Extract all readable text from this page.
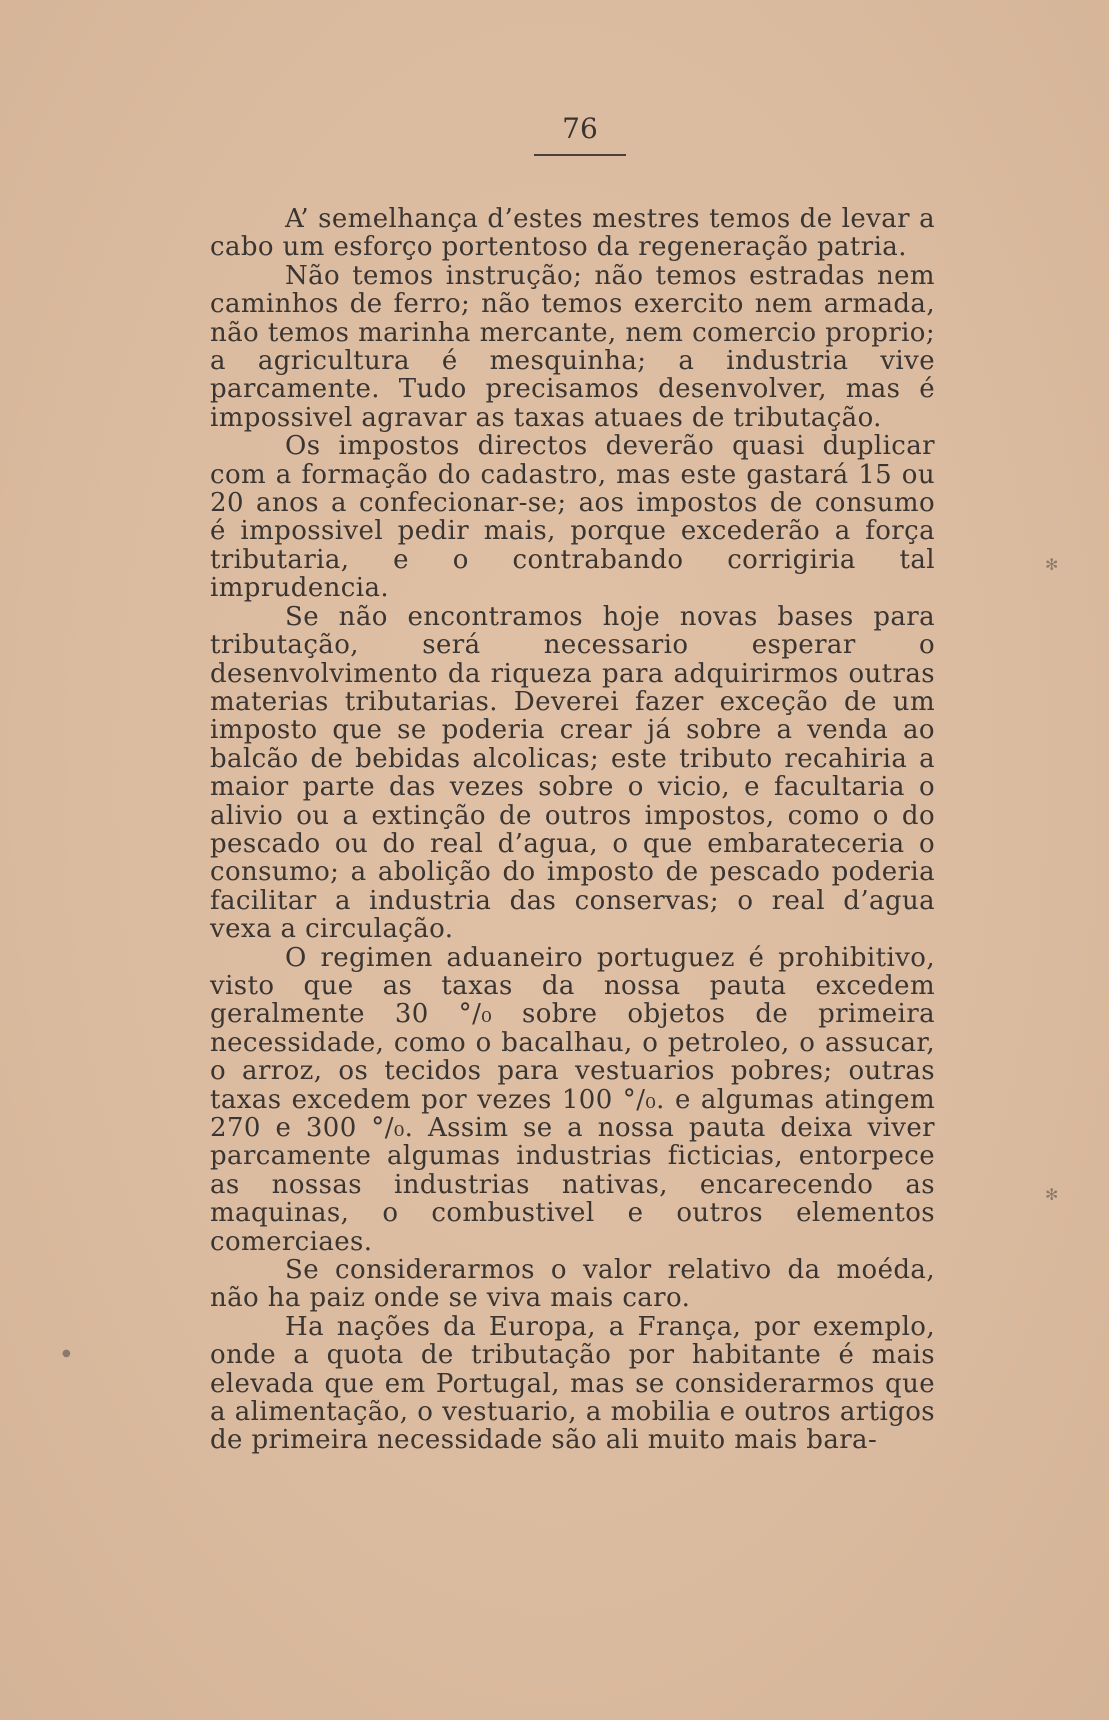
76

A’ semelhança d’estes mestres temos de levar a cabo um esforço portentoso da regeneração patria.

Não temos instrução; não temos estradas nem caminhos de ferro; não temos exercito nem armada, não temos marinha mercante, nem comercio proprio; a agricultura é mesquinha; a industria vive parcamente. Tudo precisamos desenvolver, mas é impossivel agravar as taxas atuaes de tributação.

Os impostos directos deverão quasi duplicar com a formação do cadastro, mas este gastará 15 ou 20 anos a confecionar-se; aos impostos de consumo é impossivel pedir mais, porque excederão a força tributaria, e o contrabando corrigiria tal imprudencia.

Se não encontramos hoje novas bases para tributação, será necessario esperar o desenvolvimento da riqueza para adquirirmos outras materias tributarias. Deverei fazer exceção de um imposto que se poderia crear já sobre a venda ao balcão de bebidas alcolicas; este tributo recahiria a maior parte das vezes sobre o vicio, e facultaria o alivio ou a extinção de outros impostos, como o do pescado ou do real d’agua, o que embarateceria o consumo; a abolição do imposto de pescado poderia facilitar a industria das conservas; o real d’agua vexa a circulação.

O regimen aduaneiro portuguez é prohibitivo, visto que as taxas da nossa pauta excedem geralmente 30 °/₀ sobre objetos de primeira necessidade, como o bacalhau, o petroleo, o assucar, o arroz, os tecidos para vestuarios pobres; outras taxas excedem por vezes 100 °/₀. e algumas atingem 270 e 300 °/₀. Assim se a nossa pauta deixa viver parcamente algumas industrias ficticias, entorpece as nossas industrias nativas, encarecendo as maquinas, o combustivel e outros elementos comerciaes.

Se considerarmos o valor relativo da moéda, não ha paiz onde se viva mais caro.

Ha nações da Europa, a França, por exemplo, onde a quota de tributação por habitante é mais elevada que em Portugal, mas se considerarmos que a alimentação, o vestuario, a mobilia e outros artigos de primeira necessidade são ali muito mais bara-

✻
✻
●
